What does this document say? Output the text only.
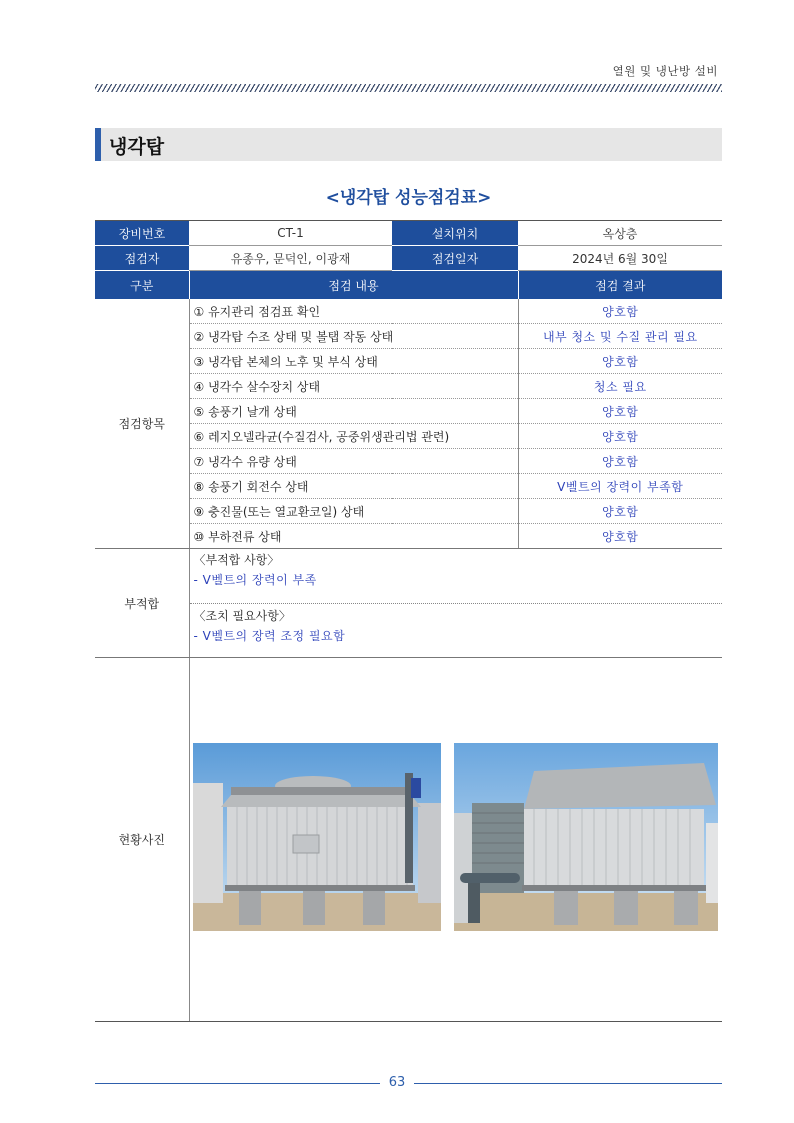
열원 및 냉난방 설비
냉각탑
<냉각탑 성능점검표>
장비번호	CT-1	설치위치	옥상층
점검자	유종우, 문덕인, 이광재	점검일자	2024년 6월 30일
구분	점검 내용		점검 결과
점검항목	① 유지관리 점검표 확인		양호함
	② 냉각탑 수조 상태 및 볼탭 작동 상태		내부 청소 및 수질 관리 필요
	③ 냉각탑 본체의 노후 및 부식 상태		양호함
	④ 냉각수 살수장치 상태		청소 필요
	⑤ 송풍기 날개 상태		양호함
	⑥ 레지오넬라균(수질검사, 공중위생관리법 관련)		양호함
	⑦ 냉각수 유량 상태		양호함
	⑧ 송풍기 회전수 상태		V벨트의 장력이 부족함
	⑨ 충진물(또는 열교환코일) 상태		양호함
	⑩ 부하전류 상태		양호함
부적합	〈부적합 사항〉
- V벨트의 장력이 부족
〈조치 필요사항〉
- V벨트의 장력 조정 필요함		

현황사진			
63
